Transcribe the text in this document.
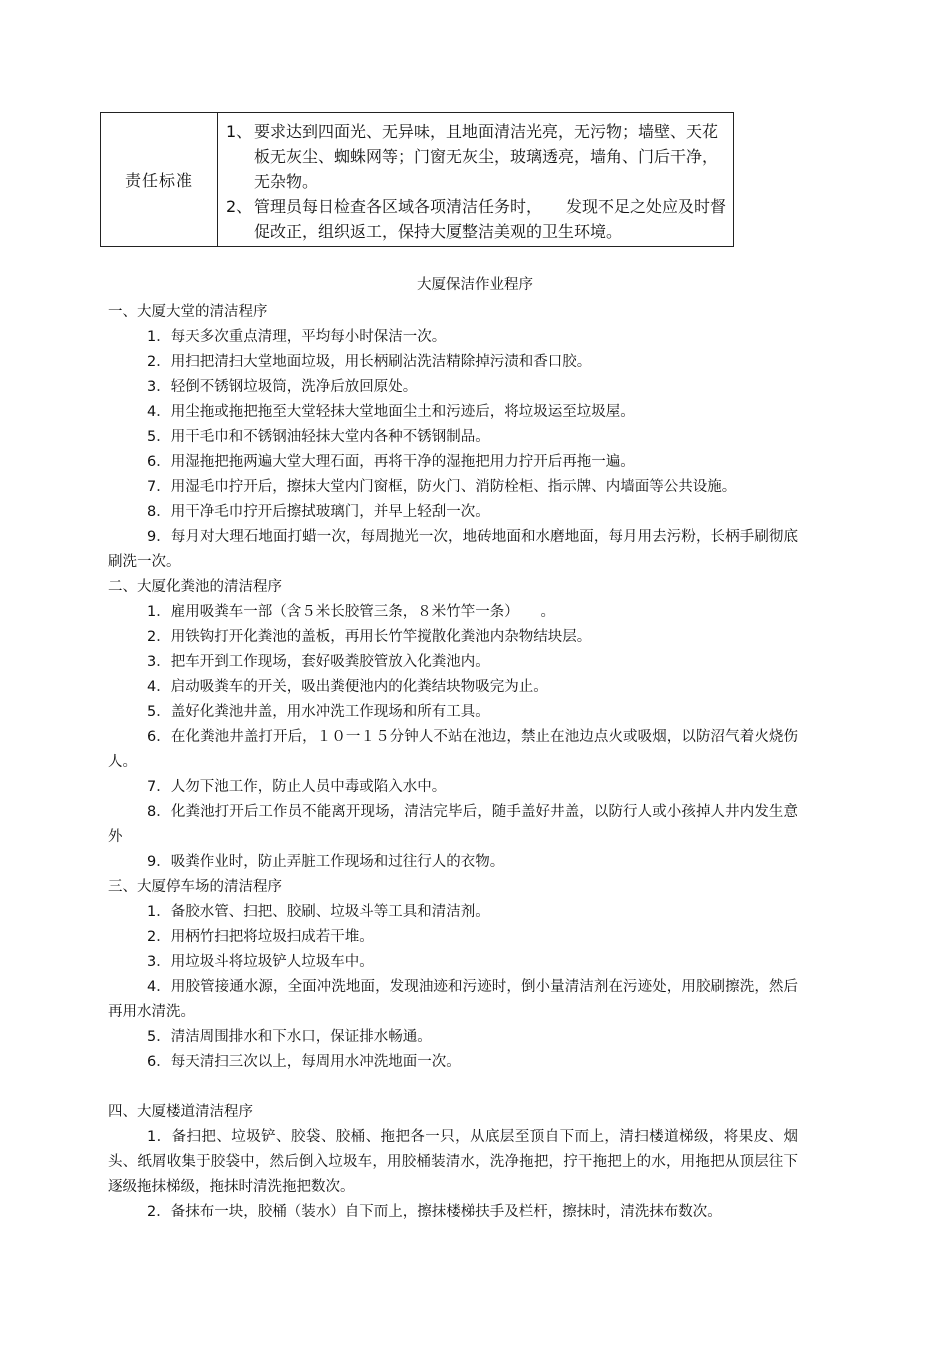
责任标准
1、 要求达到四面光、无异味，且地面清洁光亮，无污物；墙壁、天花板无灰尘、蜘蛛网等；门窗无灰尘，玻璃透亮，墙角、门后干净，无杂物。
2、 管理员每日检查各区域各项清洁任务时，　　发现不足之处应及时督促改正，组织返工，保持大厦整洁美观的卫生环境。
大厦保洁作业程序
一、大厦大堂的清洁程序

1．每天多次重点清理，平均每小时保洁一次。

2．用扫把清扫大堂地面垃圾，用长柄刷沾洗洁精除掉污渍和香口胶。

3．轻倒不锈钢垃圾筒，洗净后放回原处。

4．用尘拖或拖把拖至大堂轻抹大堂地面尘土和污迹后，将垃圾运至垃圾屋。

5．用干毛巾和不锈钢油轻抹大堂内各种不锈钢制品。

6．用湿拖把拖两遍大堂大理石面，再将干净的湿拖把用力拧开后再拖一遍。

7．用湿毛巾拧开后，擦抹大堂内门窗框，防火门、消防栓柜、指示牌、内墙面等公共设施。

8．用干净毛巾拧开后擦拭玻璃门，并早上轻刮一次。

9．每月对大理石地面打蜡一次，每周抛光一次，地砖地面和水磨地面，每月用去污粉，长柄手刷彻底刷洗一次。

二、大厦化粪池的清洁程序

1．雇用吸粪车一部（含５米长胶管三条，８米竹竿一条）　　。

2．用铁钩打开化粪池的盖板，再用长竹竿搅散化粪池内杂物结块层。

3．把车开到工作现场，套好吸粪胶管放入化粪池内。

4．启动吸粪车的开关，吸出粪便池内的化粪结块物吸完为止。

5．盖好化粪池井盖，用水冲洗工作现场和所有工具。

6．在化粪池井盖打开后，１０一１５分钟人不站在池边，禁止在池边点火或吸烟，以防沼气着火烧伤人。

7．人勿下池工作，防止人员中毒或陷入水中。

8．化粪池打开后工作员不能离开现场，清洁完毕后，随手盖好井盖，以防行人或小孩掉人井内发生意外

9．吸粪作业时，防止弄脏工作现场和过往行人的衣物。

三、大厦停车场的清洁程序

1．备胶水管、扫把、胶刷、垃圾斗等工具和清洁剂。

2．用柄竹扫把将垃圾扫成若干堆。

3．用垃圾斗将垃圾铲人垃圾车中。

4．用胶管接通水源，全面冲洗地面，发现油迹和污迹时，倒小量清洁剂在污迹处，用胶刷擦洗，然后再用水清洗。

5．清洁周围排水和下水口，保证排水畅通。

6．每天清扫三次以上，每周用水冲洗地面一次。

四、大厦楼道清洁程序

1．备扫把、垃圾铲、胶袋、胶桶、拖把各一只，从底层至顶自下而上，清扫楼道梯级，将果皮、烟头、纸屑收集于胶袋中，然后倒入垃圾车，用胶桶装清水，洗净拖把，拧干拖把上的水，用拖把从顶层往下逐级拖抹梯级，拖抹时清洗拖把数次。

2．备抹布一块，胶桶（装水）自下而上，擦抹楼梯扶手及栏杆，擦抹时，清洗抹布数次。
